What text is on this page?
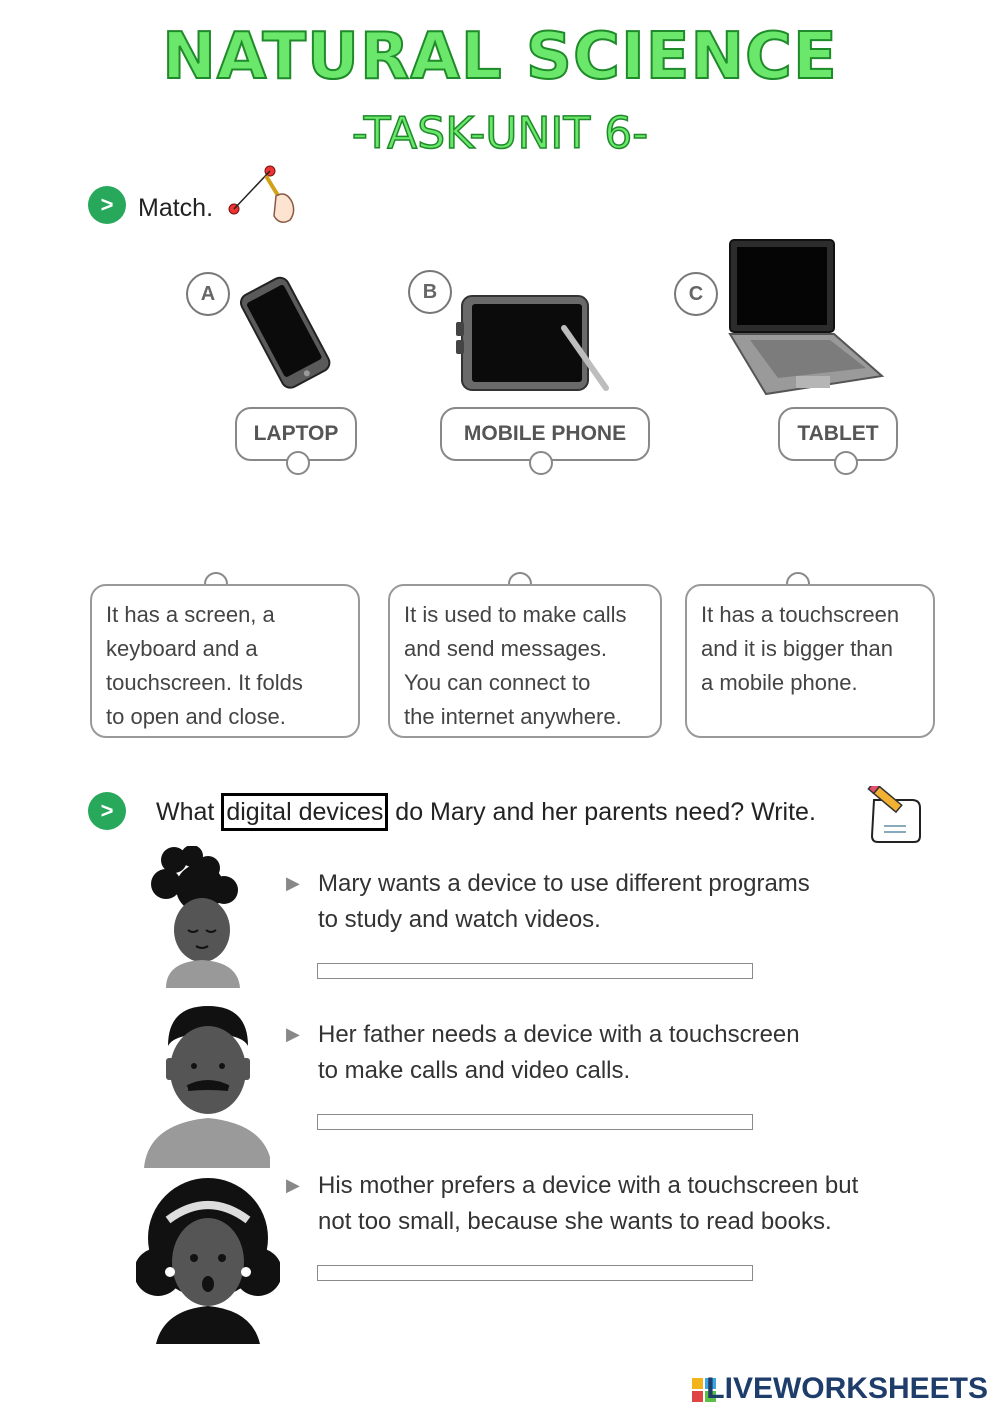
NATURAL SCIENCE
-TASK-UNIT 6-
> Match.
A	B	C
LAPTOP	MOBILE PHONE	TABLET
It has a screen, a
keyboard and a
touchscreen. It folds
to open and close.
It is used to make calls
and send messages.
You can connect to
the internet anywhere.
It has a touchscreen
and it is bigger than
a mobile phone.
>	What digital devices do Mary and her parents need? Write.
▶ Mary wants a device to use different programs
to study and watch videos.
▶ Her father needs a device with a touchscreen
to make calls and video calls.
▶ His mother prefers a device with a touchscreen but
not too small, because she wants to read books.
LIVEWORKSHEETS
